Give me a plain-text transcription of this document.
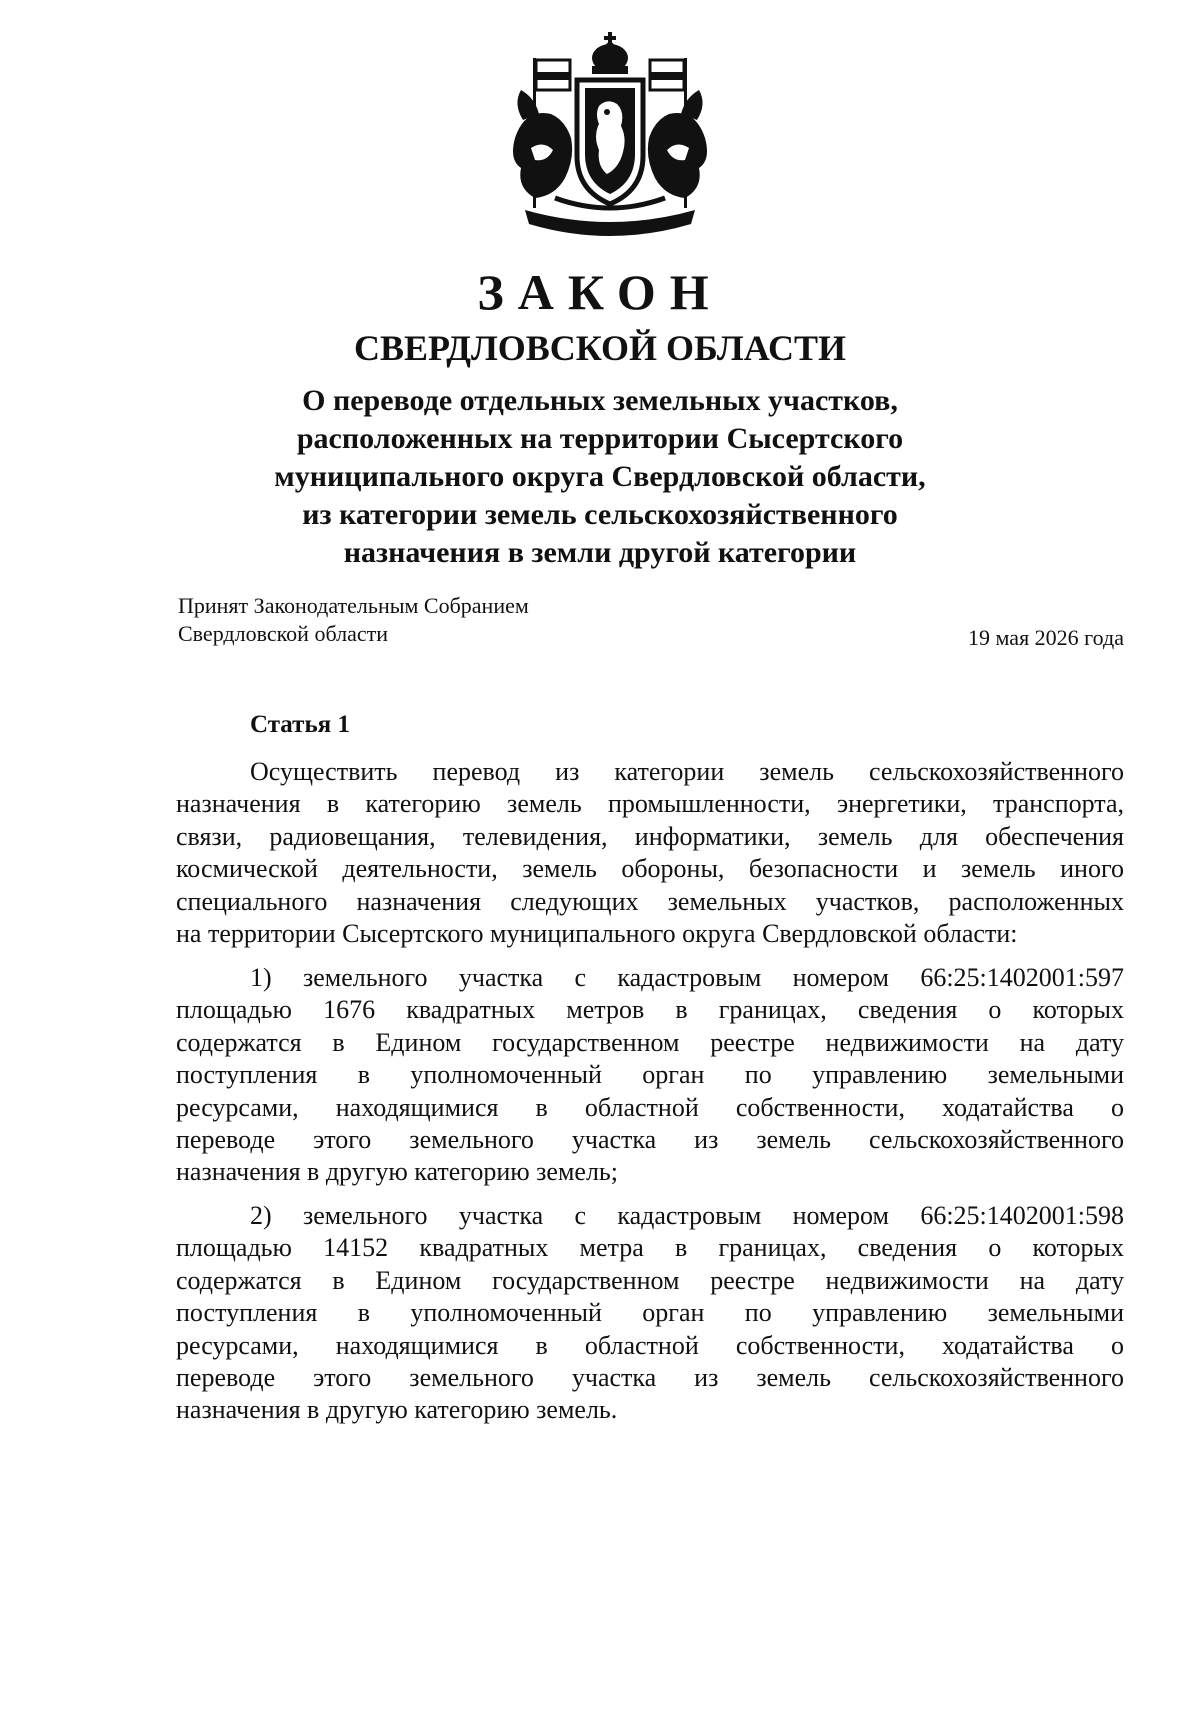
ЗАКОН
СВЕРДЛОВСКОЙ ОБЛАСТИ
О переводе отдельных земельных участков,
расположенных на территории Сысертского
муниципального округа Свердловской области,
из категории земель сельскохозяйственного
назначения в земли другой категории
Принят Законодательным Собранием
Свердловской области	19 мая 2026 года
Статья 1
Осуществить перевод из категории земель сельскохозяйственного
назначения в категорию земель промышленности, энергетики, транспорта,
связи, радиовещания, телевидения, информатики, земель для обеспечения
космической деятельности, земель обороны, безопасности и земель иного
специального назначения следующих земельных участков, расположенных
на территории Сысертского муниципального округа Свердловской области:
1) земельного участка с кадастровым номером 66:25:1402001:597
площадью 1676 квадратных метров в границах, сведения о которых
содержатся в Едином государственном реестре недвижимости на дату
поступления в уполномоченный орган по управлению земельными
ресурсами, находящимися в областной собственности, ходатайства о
переводе этого земельного участка из земель сельскохозяйственного
назначения в другую категорию земель;
2) земельного участка с кадастровым номером 66:25:1402001:598
площадью 14152 квадратных метра в границах, сведения о которых
содержатся в Едином государственном реестре недвижимости на дату
поступления в уполномоченный орган по управлению земельными
ресурсами, находящимися в областной собственности, ходатайства о
переводе этого земельного участка из земель сельскохозяйственного
назначения в другую категорию земель.
